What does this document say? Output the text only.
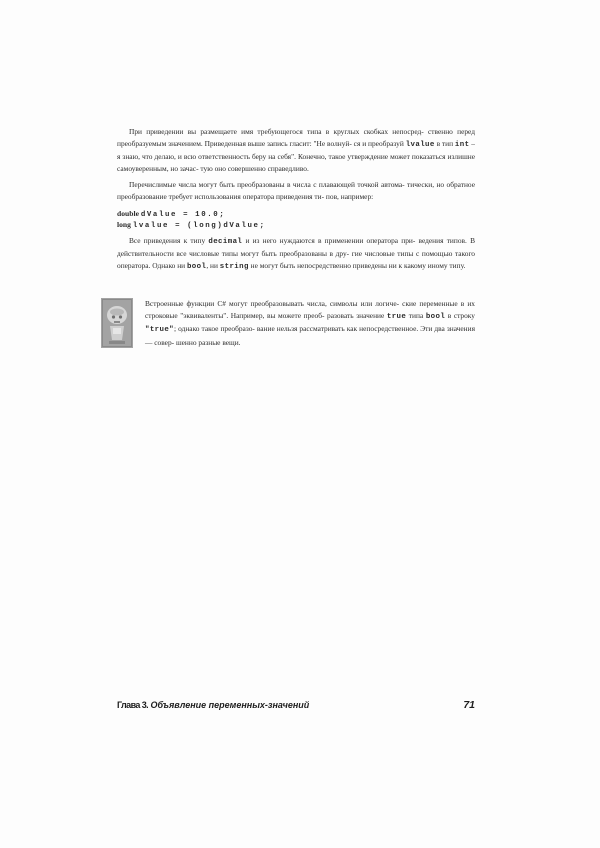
При приведении вы размещаете имя требующегося типа в круглых скобках непосред- ственно перед преобразуемым значением. Приведенная выше запись гласит: "Не волнуй- ся и преобразуй lvalue в тип int – я знаю, что делаю, и всю ответственность беру на себя". Конечно, такое утверждение может показаться излишне самоуверенным, но зачас- тую оно совершенно справедливо.

Перечислимые числа могут быть преобразованы в числа с плавающей точкой автома- тически, но обратное преобразование требует использования оператора приведения ти- пов, например:

double dValue = 10.0;
long lvalue = (long)dValue;

Все приведения к типу decimal и из него нуждаются в применении оператора при- ведения типов. В действительности все числовые типы могут быть преобразованы в дру- гие числовые типы с помощью такого оператора. Однако ни bool, ни string не могут быть непосредственно приведены ни к какому иному типу.

Встроенные функции C# могут преобразовывать числа, символы или логиче- ские переменные в их строковые "эквиваленты". Например, вы можете преоб- разовать значение true типа bool в строку "true"; однако такое преобразо- вание нельзя рассматривать как непосредственное. Эти два значения — совер- шенно разные вещи.
Глава 3. Объявление переменных-значений	71
